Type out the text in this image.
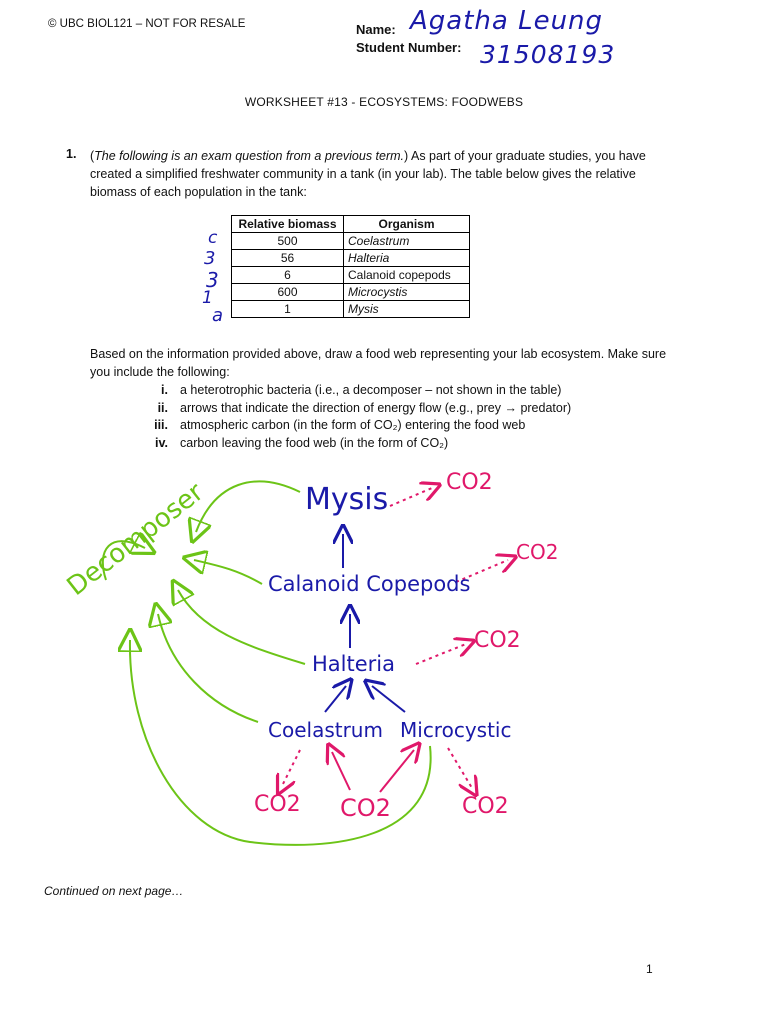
© UBC BIOL121 – NOT FOR RESALE	Name:
Student Number:
Agatha Leung
31508193
WORKSHEET #13 - ECOSYSTEMS: FOODWEBS
1. (The following is an exam question from a previous term.) As part of your graduate studies, you have created a simplified freshwater community in a tank (in your lab). The table below gives the relative biomass of each population in the tank:
Relative biomass	Organism
500	Coelastrum
56	Halteria
6	Calanoid copepods
600	Microcystis
1	Mysis
c
3
3
1
a
Based on the information provided above, draw a food web representing your lab ecosystem. Make sure you include the following:
i. a heterotrophic bacteria (i.e., a decomposer – not shown in the table)
ii. arrows that indicate the direction of energy flow (e.g., prey → predator)
iii. atmospheric carbon (in the form of CO₂) entering the food web
iv. carbon leaving the food web (in the form of CO₂)
Mysis
Calanoid Copepods
Halteria
Coelastrum Microcystic
Decomposer	CO2
CO2
CO2
CO2 CO2	CO2
Continued on next page…
1
